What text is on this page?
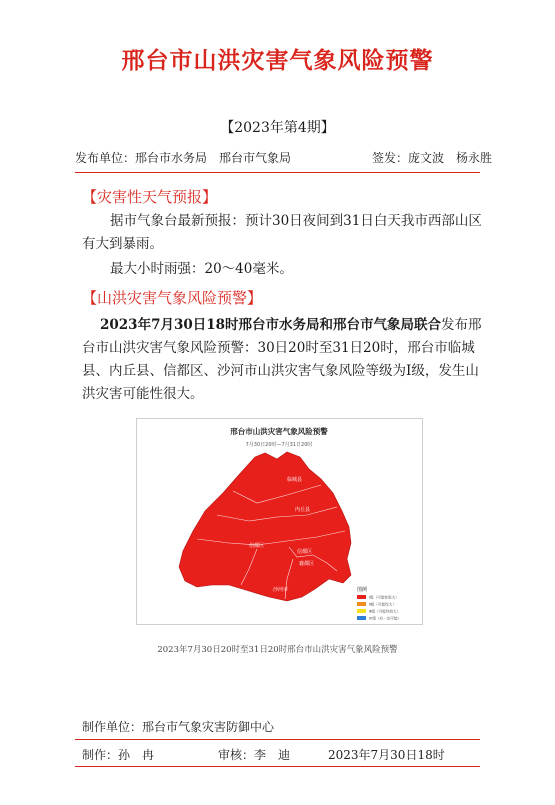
邢台市山洪灾害气象风险预警
【2023年第4期】
发布单位：邢台市水务局　邢台市气象局	签发：庞文波　杨永胜
【灾害性天气预报】
据市气象台最新预报：预计30日夜间到31日白天我市西部山区有大到暴雨。
最大小时雨强：20～40毫米。
【山洪灾害气象风险预警】
2023年7月30日18时邢台市水务局和邢台市气象局联合发布邢台市山洪灾害气象风险预警：30日20时至31日20时，邢台市临城县、内丘县、信都区、沙河市山洪灾害气象风险等级为Ⅰ级，发生山洪灾害可能性很大。
邢台市山洪灾害气象风险预警
7月30日20时—7月31日20时
临城县
内丘县
信都区
信都区
襄都区
沙河市	图例
Ⅰ级（可能性很大）
Ⅱ级（可能性大）
Ⅲ级（可能性较大）
Ⅳ级（有一定可能）
2023年7月30日20时至31日20时邢台市山洪灾害气象风险预警
制作单位：邢台市气象灾害防御中心
制作：孙　冉	审核：李　迪	2023年7月30日18时
